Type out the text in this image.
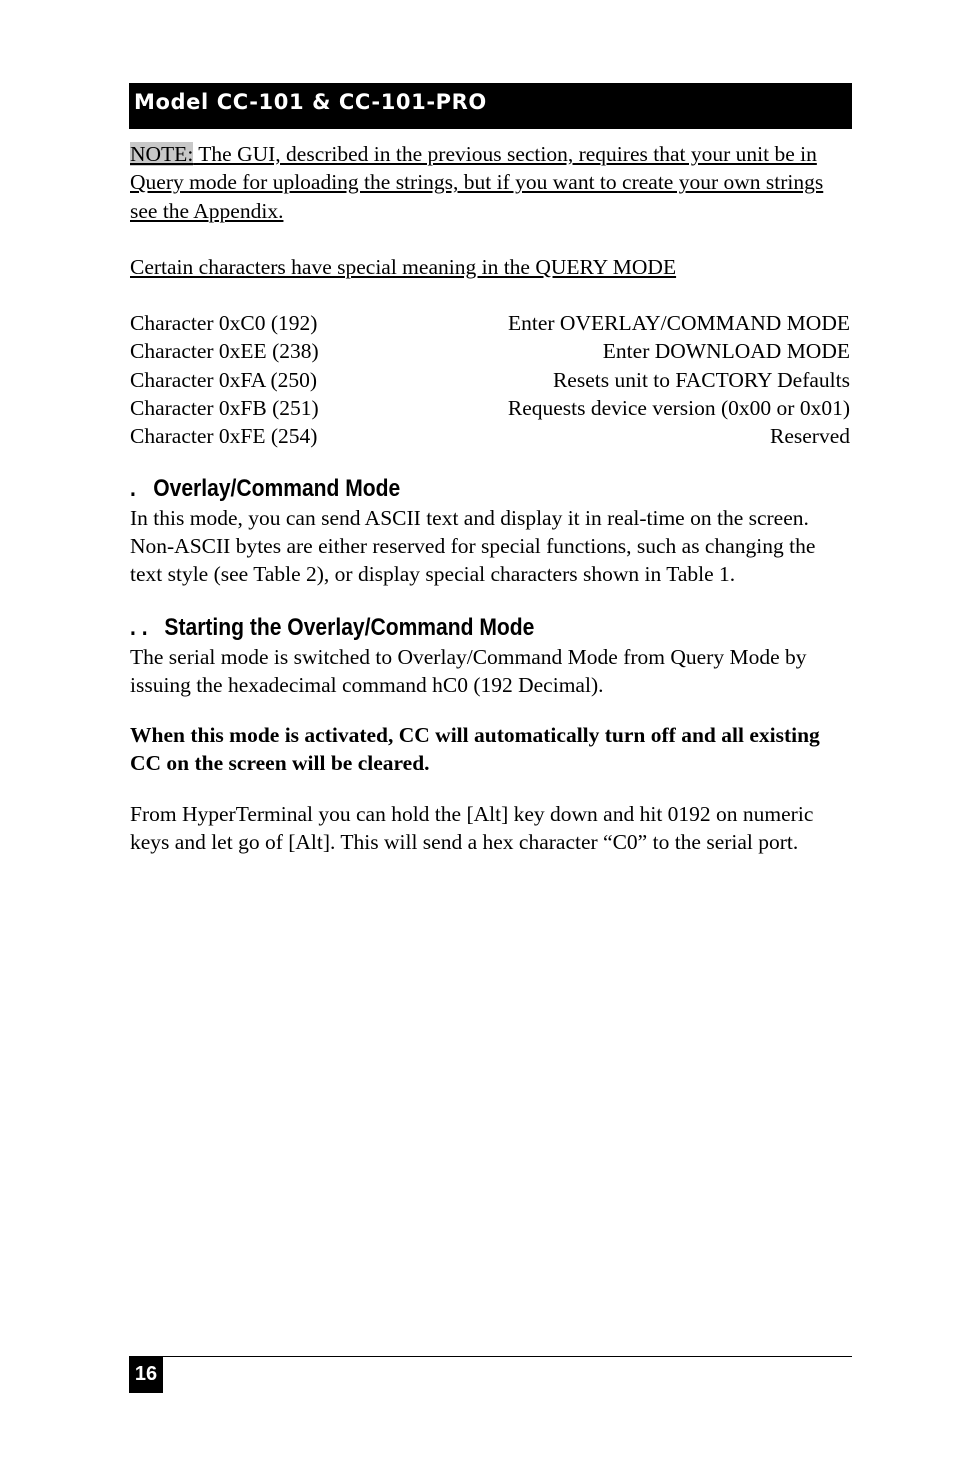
Model CC-101 & CC-101-PRO

NOTE: The GUI, described in the previous section, requires that your unit be in Query mode for uploading the strings, but if you want to create your own strings see the Appendix.

Certain characters have special meaning in the QUERY MODE

Character 0xC0 (192)	Enter OVERLAY/COMMAND MODE
Character 0xEE (238)	Enter DOWNLOAD MODE
Character 0xFA (250)	Resets unit to FACTORY Defaults
Character 0xFB (251)	Requests device version (0x00 or 0x01)
Character 0xFE (254)	Reserved
. Overlay/Command Mode

In this mode, you can send ASCII text and display it in real-time on the screen. Non-ASCII bytes are either reserved for special functions, such as changing the text style (see Table 2), or display special characters shown in Table 1.

. . Starting the Overlay/Command Mode

The serial mode is switched to Overlay/Command Mode from Query Mode by issuing the hexadecimal command hC0 (192 Decimal).

When this mode is activated, CC will automatically turn off and all existing CC on the screen will be cleared.

From HyperTerminal you can hold the [Alt] key down and hit 0192 on numeric keys and let go of [Alt]. This will send a hex character “C0” to the serial port.

16
